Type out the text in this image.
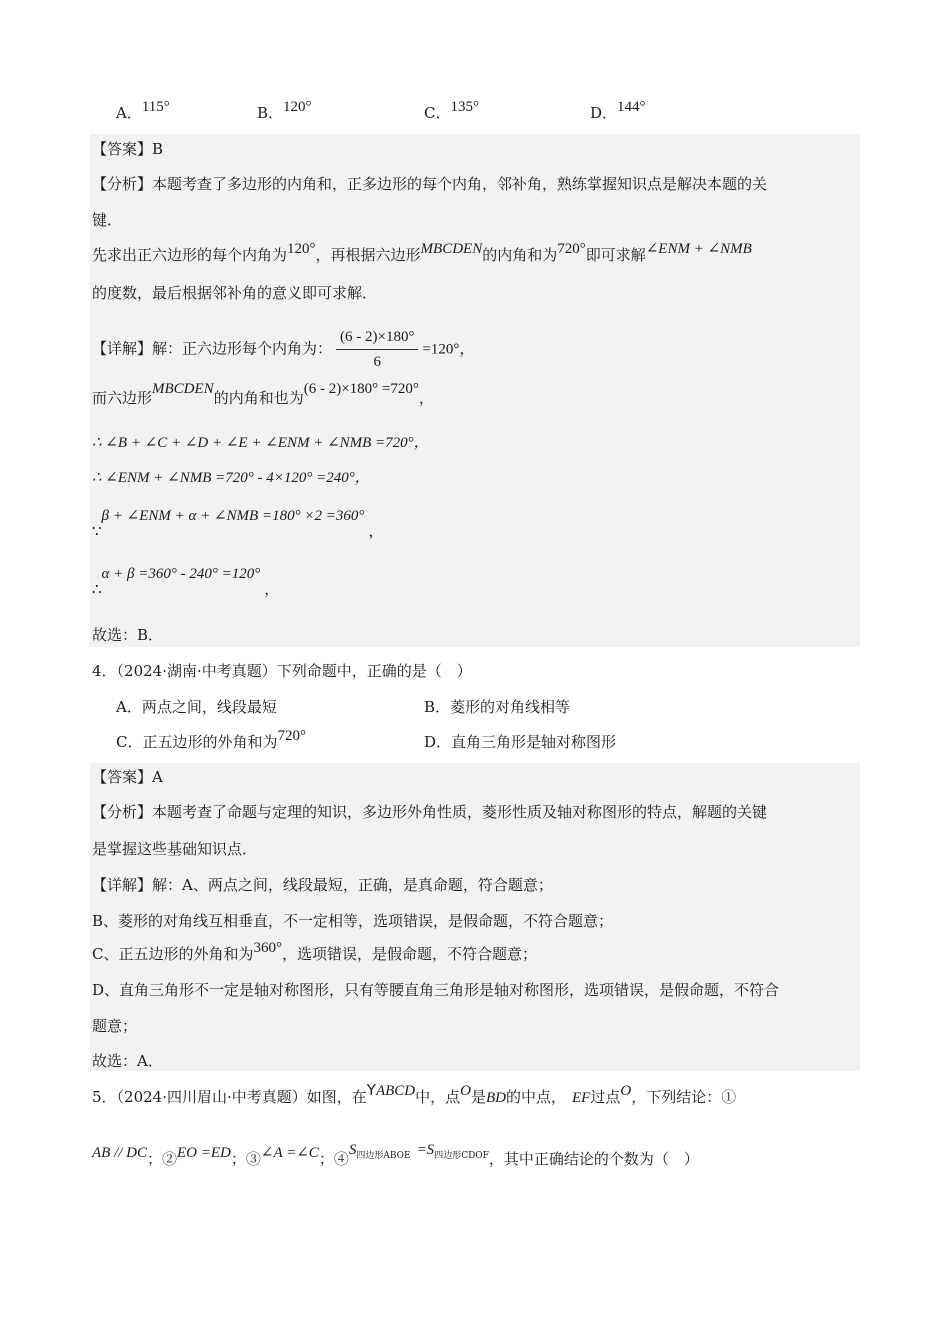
A．115°	B．120°	C．135°	D．144°
【答案】B
【分析】本题考查了多边形的内角和，正多边形的每个内角，邻补角，熟练掌握知识点是解决本题的关
键．
先求出正六边形的每个内角为120°，再根据六边形MBCDEN的内角和为720°即可求解∠ENM + ∠NMB
的度数，最后根据邻补角的意义即可求解．
【详解】解：正六边形每个内角为： $\frac{(6 - 2)\times 180^\circ}{6} =120^\circ$，
而六边形MBCDEN的内角和也为(6 - 2)×180° =720°，
∴ ∠B + ∠C + ∠D + ∠E + ∠ENM + ∠NMB =720°，
∴ ∠ENM + ∠NMB =720° - 4×120° =240°，
∵β + ∠ENM + α + ∠NMB =180° ×2 =360°，
∴α + β =360° - 240° =120°，
故选：B．
4．（2024·湖南·中考真题）下列命题中，正确的是（　）
A．两点之间，线段最短	B．菱形的对角线相等
C．正五边形的外角和为720°	D．直角三角形是轴对称图形
【答案】A
【分析】本题考查了命题与定理的知识，多边形外角性质，菱形性质及轴对称图形的特点，解题的关键
是掌握这些基础知识点．
【详解】解：A、两点之间，线段最短，正确，是真命题，符合题意；
B、菱形的对角线互相垂直，不一定相等，选项错误，是假命题，不符合题意；
C、正五边形的外角和为360°，选项错误，是假命题，不符合题意；
D、直角三角形不一定是轴对称图形，只有等腰直角三角形是轴对称图形，选项错误，是假命题，不符合
题意；
故选：A．
5．（2024·四川眉山·中考真题）如图，在YABCD中，点O是BD的中点， EF过点O，下列结论：①
AB // DC；②EO =ED；③∠A =∠C；$④S^{四边形ABOE} =S^{四边形CDOF}$，其中正确结论的个数为（　）
